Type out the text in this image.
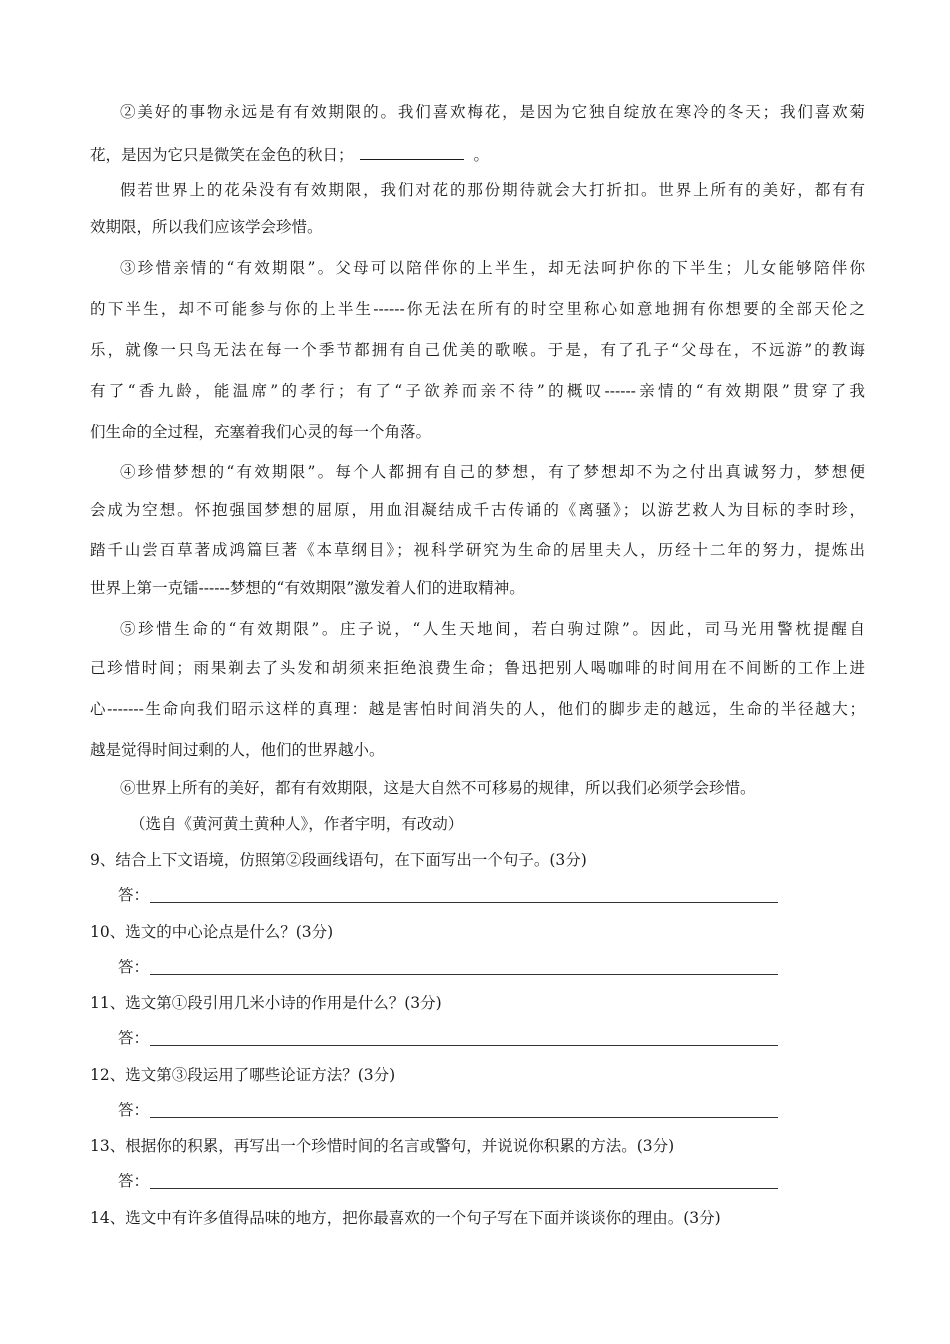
②美好的事物永远是有有效期限的。我们喜欢梅花，是因为它独自绽放在寒冷的冬天；我们喜欢菊
花，是因为它只是微笑在金色的秋日；	。
假若世界上的花朵没有有效期限，我们对花的那份期待就会大打折扣。世界上所有的美好，都有有
效期限，所以我们应该学会珍惜。
③珍惜亲情的“有效期限”。父母可以陪伴你的上半生，却无法呵护你的下半生；儿女能够陪伴你
的下半生，却不可能参与你的上半生------你无法在所有的时空里称心如意地拥有你想要的全部天伦之
乐，就像一只鸟无法在每一个季节都拥有自己优美的歌喉。于是，有了孔子“父母在，不远游”的教诲
有了“香九龄，能温席”的孝行；有了“子欲养而亲不待”的概叹------亲情的“有效期限”贯穿了我
们生命的全过程，充塞着我们心灵的每一个角落。
④珍惜梦想的“有效期限”。每个人都拥有自己的梦想，有了梦想却不为之付出真诚努力，梦想便
会成为空想。怀抱强国梦想的屈原，用血泪凝结成千古传诵的《离骚》；以游艺救人为目标的李时珍，
踏千山尝百草著成鸿篇巨著《本草纲目》；视科学研究为生命的居里夫人，历经十二年的努力，提炼出
世界上第一克镭------梦想的“有效期限”激发着人们的进取精神。
⑤珍惜生命的“有效期限”。庄子说，“人生天地间，若白驹过隙”。因此，司马光用警枕提醒自
己珍惜时间；雨果剃去了头发和胡须来拒绝浪费生命；鲁迅把别人喝咖啡的时间用在不间断的工作上进
心-------生命向我们昭示这样的真理：越是害怕时间消失的人，他们的脚步走的越远，生命的半径越大；
越是觉得时间过剩的人，他们的世界越小。
⑥世界上所有的美好，都有有效期限，这是大自然不可移易的规律，所以我们必须学会珍惜。
（选自《黄河黄土黄种人》，作者宇明，有改动）
9、结合上下文语境，仿照第②段画线语句，在下面写出一个句子。(3分)
答：
10、选文的中心论点是什么？(3分)
答：
11、选文第①段引用几米小诗的作用是什么？(3分)
答：
12、选文第③段运用了哪些论证方法？(3分)
答：
13、根据你的积累，再写出一个珍惜时间的名言或警句，并说说你积累的方法。(3分)
答：
14、选文中有许多值得品味的地方，把你最喜欢的一个句子写在下面并谈谈你的理由。(3分)
